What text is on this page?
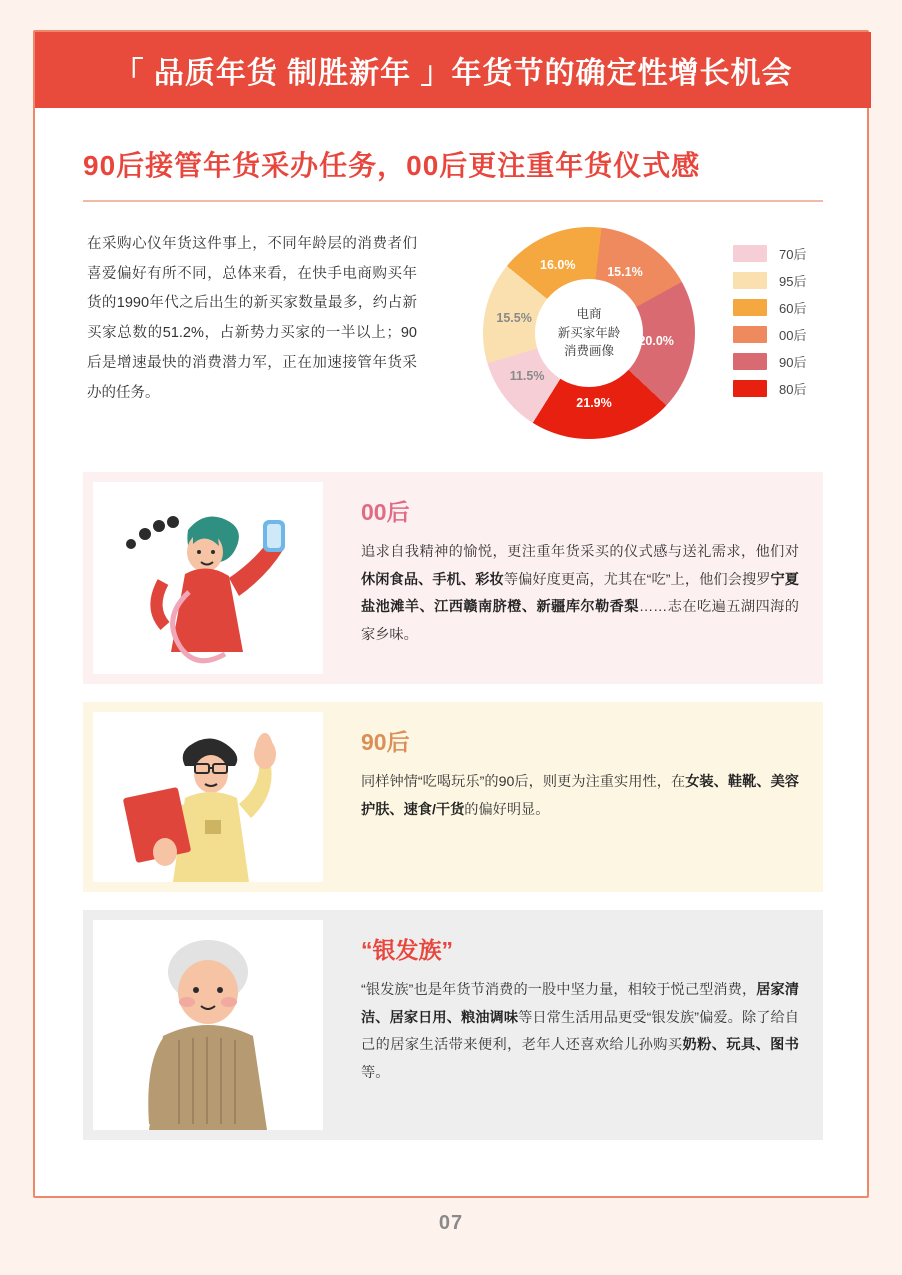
「 品质年货 制胜新年 」年货节的确定性增长机会
90后接管年货采办任务，00后更注重年货仪式感

在采购心仪年货这件事上，不同年龄层的消费者们喜爱偏好有所不同，总体来看，在快手电商购买年货的1990年代之后出生的新买家数量最多，约占新买家总数的51.2%，占新势力买家的一半以上；90后是增速最快的消费潜力军，正在加速接管年货采办的任务。

电商
新买家年龄
消费画像
11.5%
15.5%
16.0%
15.1%
20.0%
21.9%
70后
95后
60后
00后
90后
80后
00后
追求自我精神的愉悦，更注重年货采买的仪式感与送礼需求，他们对休闲食品、手机、彩妆等偏好度更高，尤其在“吃”上，他们会搜罗宁夏盐池滩羊、江西赣南脐橙、新疆库尔勒香梨……志在吃遍五湖四海的家乡味。
90后
同样钟情“吃喝玩乐”的90后，则更为注重实用性，在女装、鞋靴、美容护肤、速食/干货的偏好明显。
“银发族”
“银发族”也是年货节消费的一股中坚力量，相较于悦己型消费，居家清洁、居家日用、粮油调味等日常生活用品更受“银发族”偏爱。除了给自己的居家生活带来便利，老年人还喜欢给儿孙购买奶粉、玩具、图书等。
07
